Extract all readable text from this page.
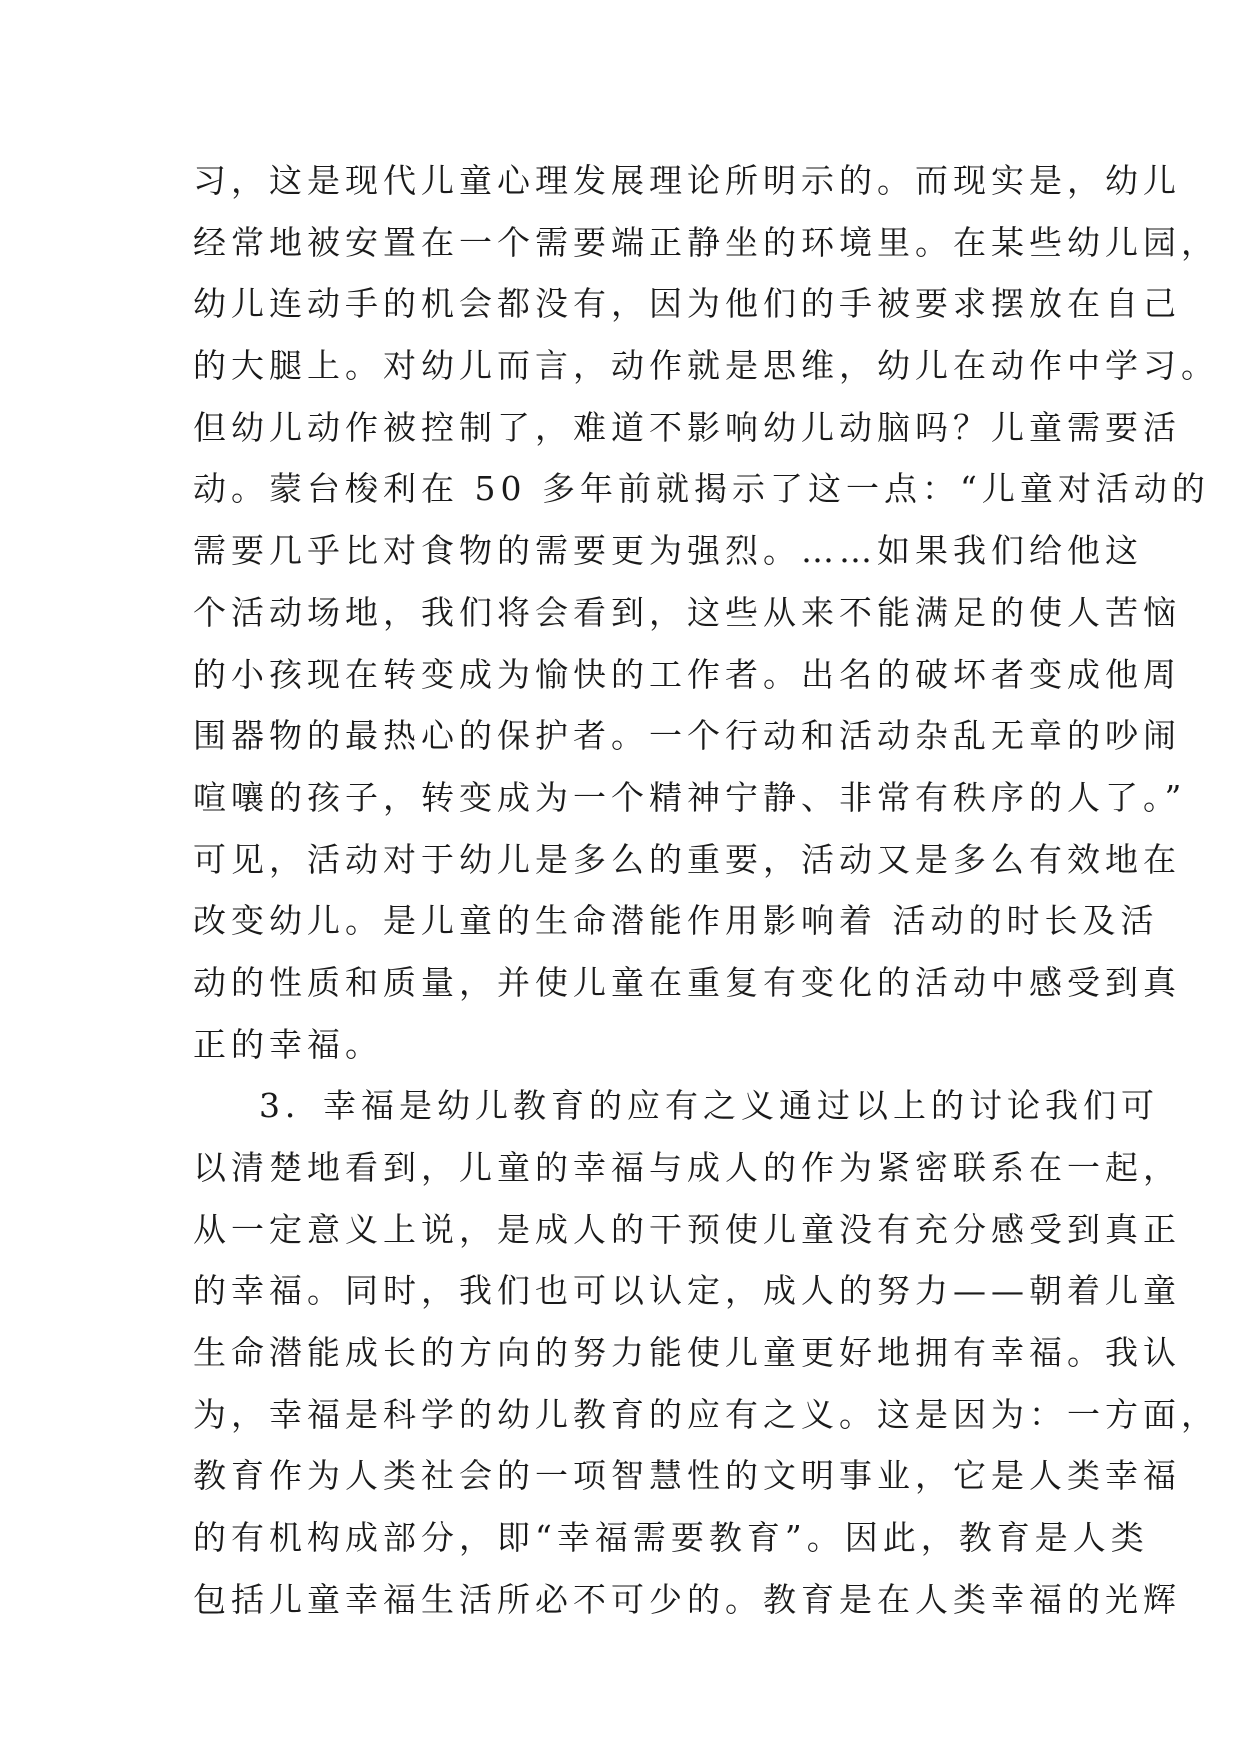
习，这是现代儿童心理发展理论所明示的。而现实是，幼儿
经常地被安置在一个需要端正静坐的环境里。在某些幼儿园，
幼儿连动手的机会都没有，因为他们的手被要求摆放在自己
的大腿上。对幼儿而言，动作就是思维，幼儿在动作中学习。
但幼儿动作被控制了，难道不影响幼儿动脑吗？儿童需要活
动。蒙台梭利在 50 多年前就揭示了这一点：“儿童对活动的
需要几乎比对食物的需要更为强烈。……如果我们给他这
个活动场地，我们将会看到，这些从来不能满足的使人苦恼
的小孩现在转变成为愉快的工作者。出名的破坏者变成他周
围器物的最热心的保护者。一个行动和活动杂乱无章的吵闹
喧嚷的孩子，转变成为一个精神宁静、非常有秩序的人了。”
可见，活动对于幼儿是多么的重要，活动又是多么有效地在
改变幼儿。是儿童的生命潜能作用影响着 活动的时长及活
动的性质和质量，并使儿童在重复有变化的活动中感受到真
正的幸福。
3．幸福是幼儿教育的应有之义通过以上的讨论我们可
以清楚地看到，儿童的幸福与成人的作为紧密联系在一起，
从一定意义上说，是成人的干预使儿童没有充分感受到真正
的幸福。同时，我们也可以认定，成人的努力——朝着儿童
生命潜能成长的方向的努力能使儿童更好地拥有幸福。我认
为，幸福是科学的幼儿教育的应有之义。这是因为：一方面，
教育作为人类社会的一项智慧性的文明事业，它是人类幸福
的有机构成部分，即“幸福需要教育”。因此，教育是人类
包括儿童幸福生活所必不可少的。教育是在人类幸福的光辉
